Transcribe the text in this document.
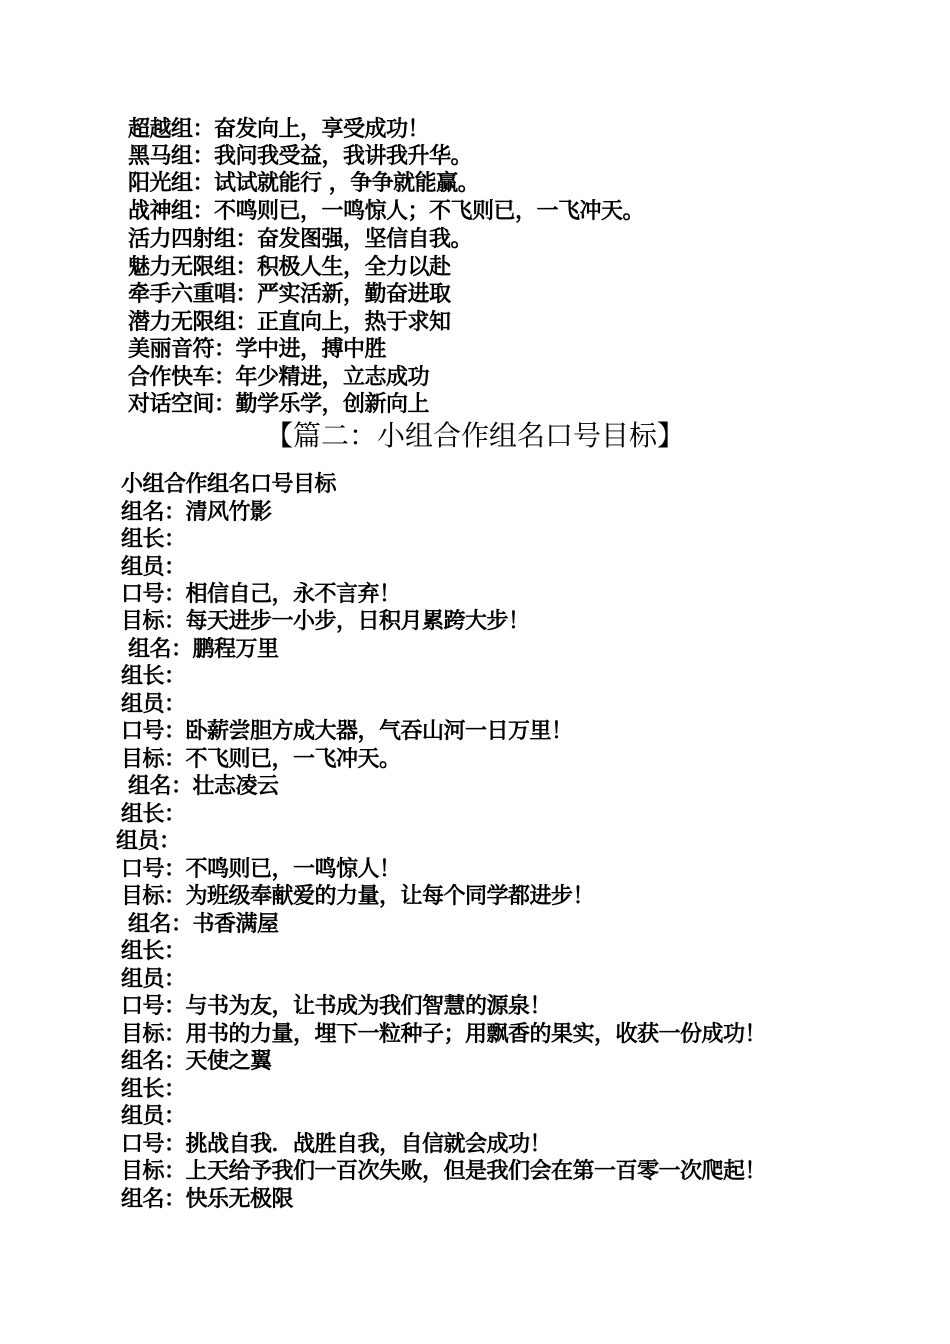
超越组：奋发向上，享受成功！
黑马组：我问我受益，我讲我升华。
阳光组：试试就能行 ，争争就能赢。
战神组：不鸣则已，一鸣惊人；不飞则已，一飞冲天。
活力四射组：奋发图强，坚信自我。
魅力无限组：积极人生，全力以赴
牵手六重唱：严实活新，勤奋进取
潜力无限组：正直向上，热于求知
美丽音符：学中进，搏中胜
合作快车：年少精进，立志成功
对话空间：勤学乐学，创新向上
【篇二：小组合作组名口号目标】
小组合作组名口号目标
组名：清风竹影
组长：
组员：
口号：相信自己，永不言弃！
目标：每天进步一小步，日积月累跨大步！
组名：鹏程万里
组长：
组员：
口号：卧薪尝胆方成大器，气吞山河一日万里！
目标：不飞则已，一飞冲天。
组名：壮志凌云
组长：
组员：
口号：不鸣则已，一鸣惊人！
目标：为班级奉献爱的力量，让每个同学都进步！
组名：书香满屋
组长：
组员：
口号：与书为友，让书成为我们智慧的源泉！
目标：用书的力量，埋下一粒种子；用飘香的果实，收获一份成功！
组名：天使之翼
组长：
组员：
口号：挑战自我．战胜自我，自信就会成功！
目标：上天给予我们一百次失败，但是我们会在第一百零一次爬起！
组名：快乐无极限
